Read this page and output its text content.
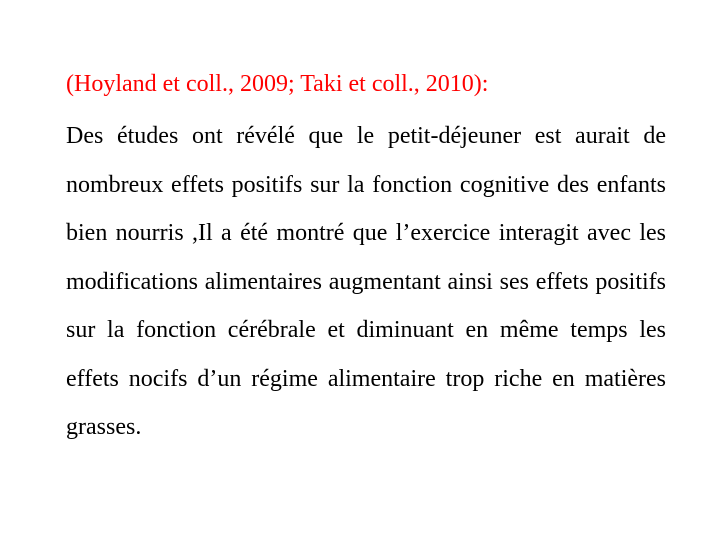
(Hoyland et coll., 2009; Taki et coll., 2010):

Des études ont révélé que le petit-déjeuner est aurait de nombreux effets positifs sur la fonction cognitive des enfants bien nourris ,Il a été montré que l’exercice interagit avec les modifications alimentaires augmentant ainsi ses effets positifs sur la fonction cérébrale et diminuant en même temps les effets nocifs d’un régime alimentaire trop riche en matières grasses.
